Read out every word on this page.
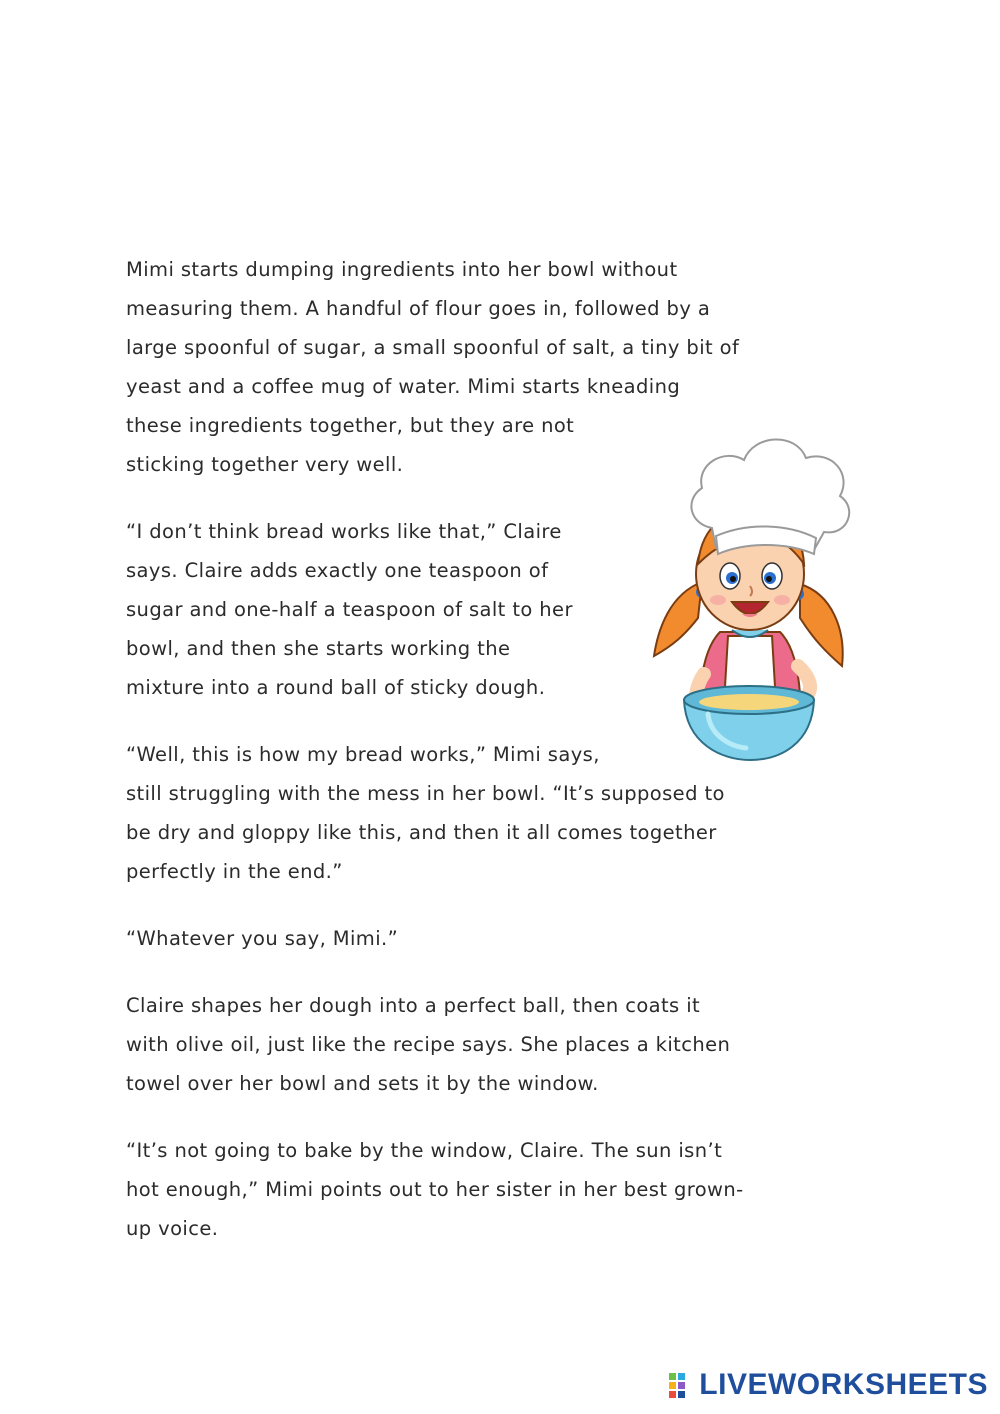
Mimi starts dumping ingredients into her bowl without
measuring them. A handful of flour goes in, followed by a
large spoonful of sugar, a small spoonful of salt, a tiny bit of
yeast and a coffee mug of water. Mimi starts kneading
these ingredients together, but they are not
sticking together very well.

“I don’t think bread works like that,” Claire
says. Claire adds exactly one teaspoon of
sugar and one-half a teaspoon of salt to her
bowl, and then she starts working the
mixture into a round ball of sticky dough.

“Well, this is how my bread works,” Mimi says,
still struggling with the mess in her bowl. “It’s supposed to
be dry and gloppy like this, and then it all comes together
perfectly in the end.”

“Whatever you say, Mimi.”

Claire shapes her dough into a perfect ball, then coats it
with olive oil, just like the recipe says. She places a kitchen
towel over her bowl and sets it by the window.

“It’s not going to bake by the window, Claire. The sun isn’t
hot enough,” Mimi points out to her sister in her best grown-
up voice.

LIVEWORKSHEETS
